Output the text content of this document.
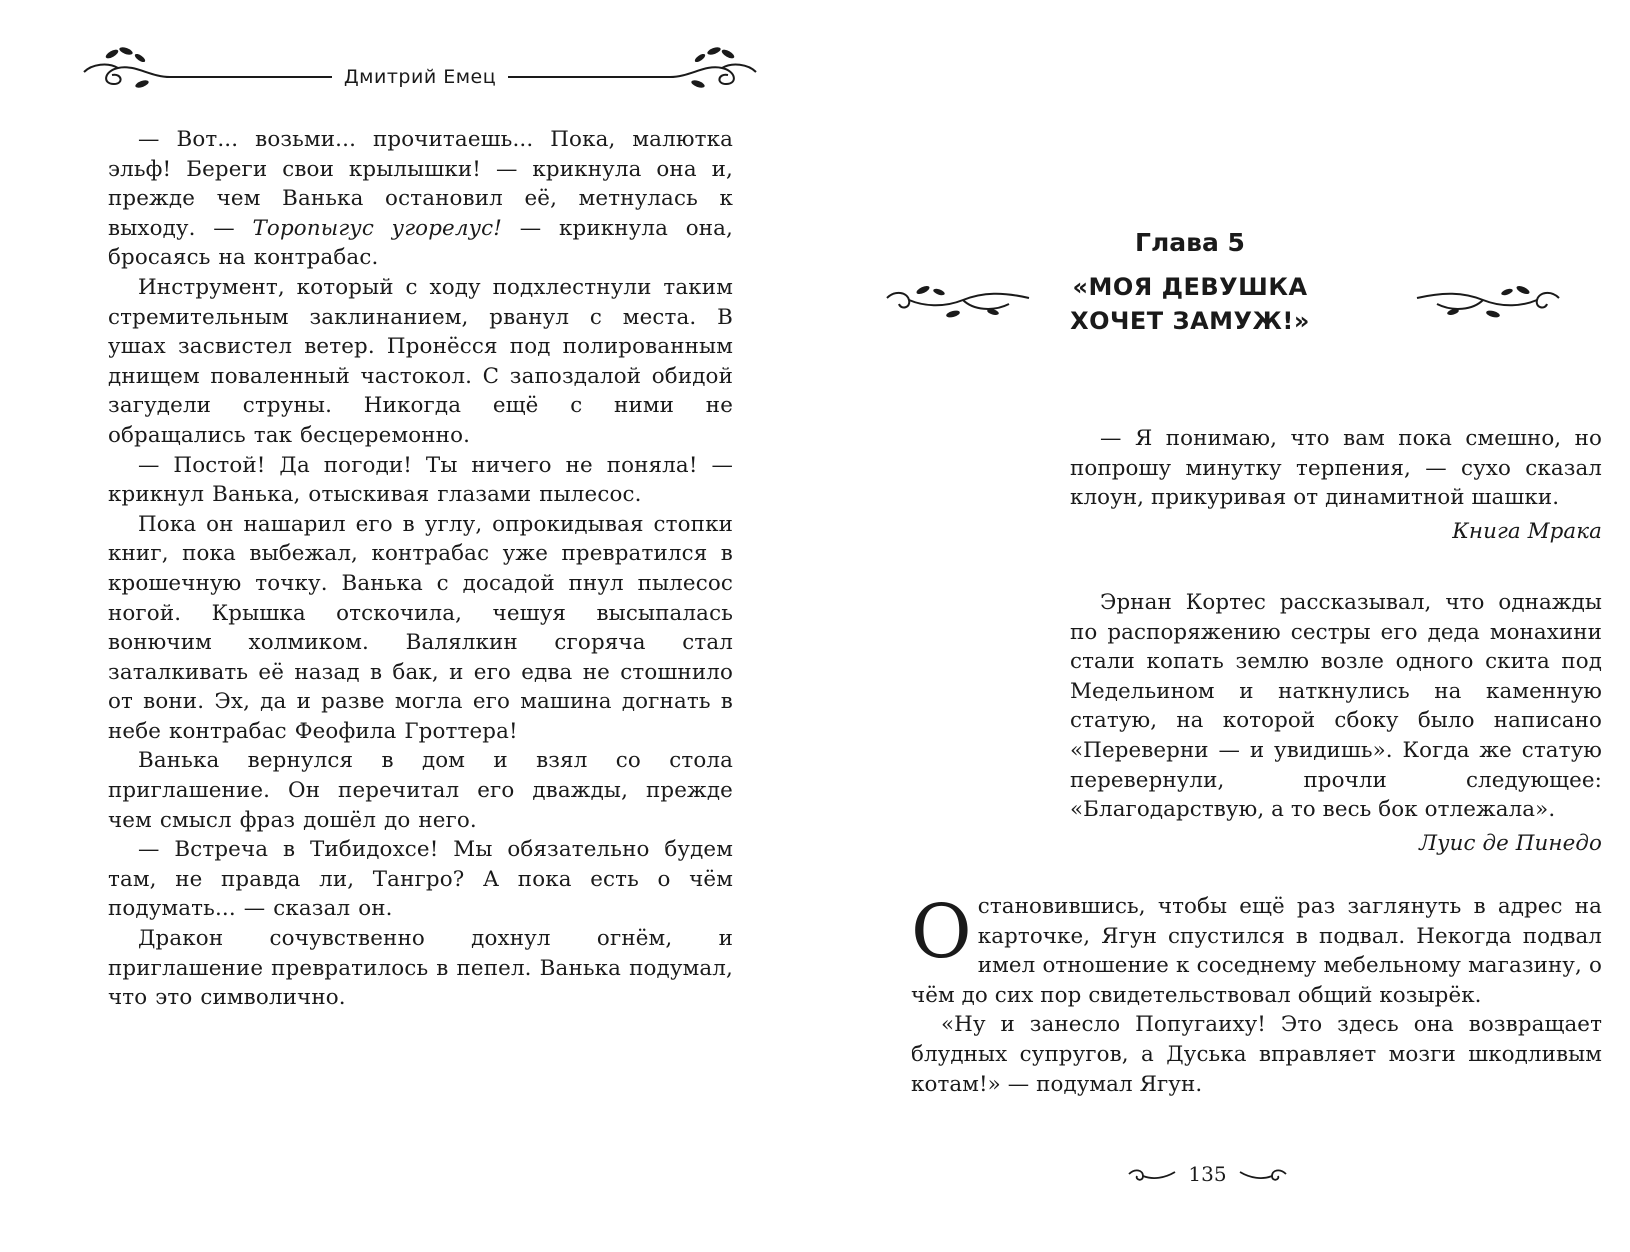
Дмитрий Емец

— Вот... возьми... прочитаешь... Пока, малютка эльф! Береги свои крылышки! — крикнула она и, прежде чем Ванька остановил её, метнулась к выходу. — Торопыгус угорелус! — крикнула она, бросаясь на контрабас.

Инструмент, который с ходу подхлестнули таким стремительным заклинанием, рванул с места. В ушах засвистел ветер. Пронёсся под полированным днищем поваленный частокол. С запоздалой обидой загудели струны. Никогда ещё с ними не обращались так бесцеремонно.

— Постой! Да погоди! Ты ничего не поняла! — крикнул Ванька, отыскивая глазами пылесос.

Пока он нашарил его в углу, опрокидывая стопки книг, пока выбежал, контрабас уже превратился в крошечную точку. Ванька с досадой пнул пылесос ногой. Крышка отскочила, чешуя высыпалась вонючим холмиком. Валялкин сгоряча стал заталкивать её назад в бак, и его едва не стошнило от вони. Эх, да и разве могла его машина догнать в небе контрабас Феофила Гроттера!

Ванька вернулся в дом и взял со стола приглашение. Он перечитал его дважды, прежде чем смысл фраз дошёл до него.

— Встреча в Тибидохсе! Мы обязательно будем там, не правда ли, Тангро? А пока есть о чём подумать... — сказал он.

Дракон сочувственно дохнул огнём, и приглашение превратилось в пепел. Ванька подумал, что это символично.

Глава 5
«МОЯ ДЕВУШКА
ХОЧЕТ ЗАМУЖ!»

— Я понимаю, что вам пока смешно, но попрошу минутку терпения, — сухо сказал клоун, прикуривая от динамитной шашки.

Книга Мрака

Эрнан Кортес рассказывал, что однажды по распоряжению сестры его деда монахини стали копать землю возле одного скита под Медельином и наткнулись на каменную статую, на которой сбоку было написано «Переверни — и увидишь». Когда же статую перевернули, прочли следующее: «Благодарствую, а то весь бок отлежала».

Луис де Пинедо

Остановившись, чтобы ещё раз заглянуть в адрес на карточке, Ягун спустился в подвал. Некогда подвал имел отношение к соседнему мебельному магазину, о чём до сих пор свидетельствовал общий козырёк.

«Ну и занесло Попугаиху! Это здесь она возвращает блудных супругов, а Дуська вправляет мозги шкодливым котам!» — подумал Ягун.

135
